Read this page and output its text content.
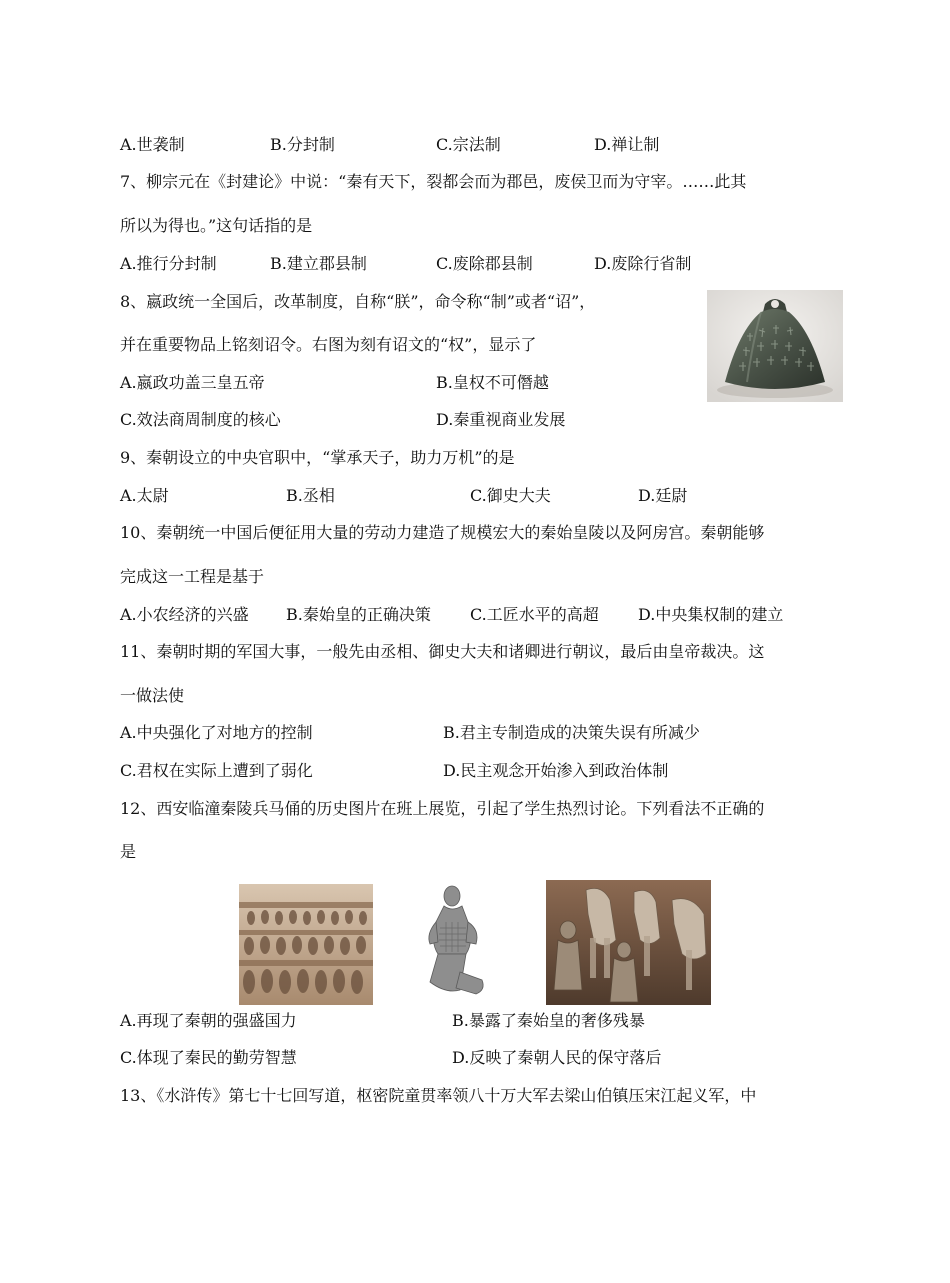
A.世袭制	B.分封制	C.宗法制	D.禅让制
7、柳宗元在《封建论》中说：“秦有天下，裂都会而为郡邑，废侯卫而为守宰。……此其
所以为得也。”这句话指的是
A.推行分封制	B.建立郡县制	C.废除郡县制	D.废除行省制
8、嬴政统一全国后，改革制度，自称“朕”，命令称“制”或者“诏”，
并在重要物品上铭刻诏令。右图为刻有诏文的“权”，显示了
A.嬴政功盖三皇五帝	B.皇权不可僭越
C.效法商周制度的核心	D.秦重视商业发展
9、秦朝设立的中央官职中，“掌承天子，助力万机”的是
A.太尉	B.丞相	C.御史大夫	D.廷尉
10、秦朝统一中国后便征用大量的劳动力建造了规模宏大的秦始皇陵以及阿房宫。秦朝能够
完成这一工程是基于
A.小农经济的兴盛 B.秦始皇的正确决策 C.工匠水平的高超 D.中央集权制的建立
11、秦朝时期的军国大事，一般先由丞相、御史大夫和诸卿进行朝议，最后由皇帝裁决。这
一做法使
A.中央强化了对地方的控制	B.君主专制造成的决策失误有所减少
C.君权在实际上遭到了弱化	D.民主观念开始渗入到政治体制
12、西安临潼秦陵兵马俑的历史图片在班上展览，引起了学生热烈讨论。下列看法不正确的
是
A.再现了秦朝的强盛国力	B.暴露了秦始皇的奢侈残暴
C.体现了秦民的勤劳智慧	D.反映了秦朝人民的保守落后
13、《水浒传》第七十七回写道，枢密院童贯率领八十万大军去梁山伯镇压宋江起义军，中
